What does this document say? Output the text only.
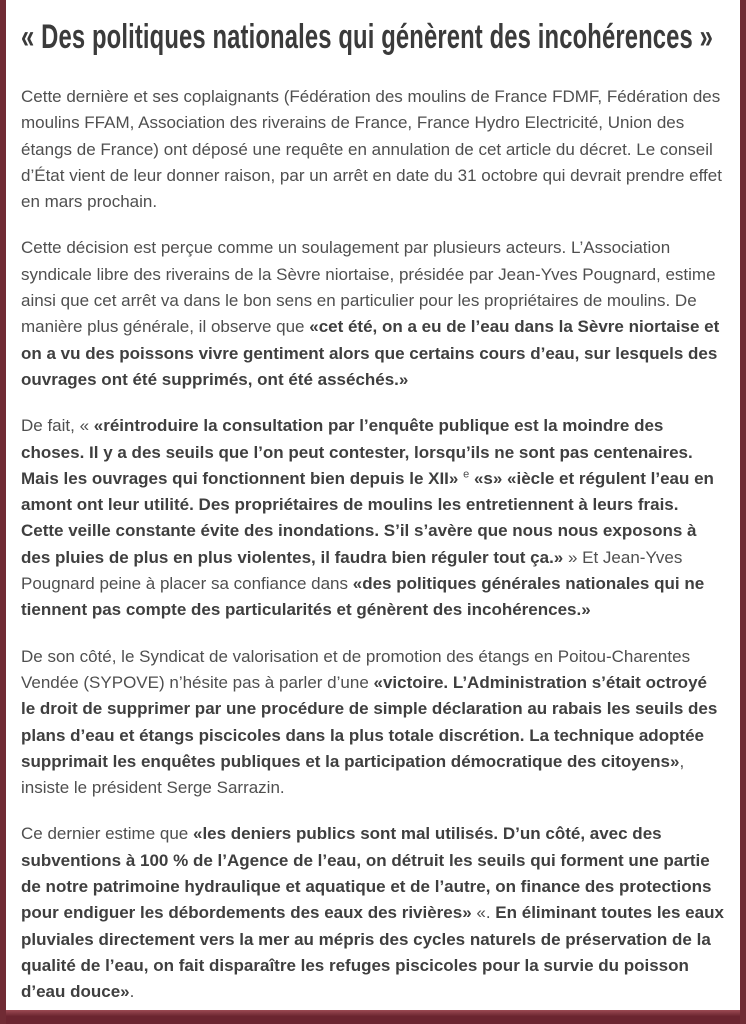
« Des politiques nationales qui génèrent des incohérences »

Cette dernière et ses coplaignants (Fédération des moulins de France FDMF, Fédération des moulins FFAM, Association des riverains de France, France Hydro Electricité, Union des étangs de France) ont déposé une requête en annulation de cet article du décret. Le conseil d’État vient de leur donner raison, par un arrêt en date du 31 octobre qui devrait prendre effet en mars prochain.

Cette décision est perçue comme un soulagement par plusieurs acteurs. L’Association syndicale libre des riverains de la Sèvre niortaise, présidée par Jean-Yves Pougnard, estime ainsi que cet arrêt va dans le bon sens en particulier pour les propriétaires de moulins. De manière plus générale, il observe que «cet été, on a eu de l’eau dans la Sèvre niortaise et on a vu des poissons vivre gentiment alors que certains cours d’eau, sur lesquels des ouvrages ont été supprimés, ont été asséchés.»

De fait, « «réintroduire la consultation par l’enquête publique est la moindre des choses. Il y a des seuils que l’on peut contester, lorsqu’ils ne sont pas centenaires. Mais les ouvrages qui fonctionnent bien depuis le XII» $^e$ «s» «iècle et régulent l’eau en amont ont leur utilité. Des propriétaires de moulins les entretiennent à leurs frais. Cette veille constante évite des inondations. S’il s’avère que nous nous exposons à des pluies de plus en plus violentes, il faudra bien réguler tout ça.» » Et Jean-Yves Pougnard peine à placer sa confiance dans «des politiques générales nationales qui ne tiennent pas compte des particularités et génèrent des incohérences.»

De son côté, le Syndicat de valorisation et de promotion des étangs en Poitou-Charentes Vendée (SYPOVE) n’hésite pas à parler d’une «victoire. L’Administration s’était octroyé le droit de supprimer par une procédure de simple déclaration au rabais les seuils des plans d’eau et étangs piscicoles dans la plus totale discrétion. La technique adoptée supprimait les enquêtes publiques et la participation démocratique des citoyens», insiste le président Serge Sarrazin.

Ce dernier estime que «les deniers publics sont mal utilisés. D’un côté, avec des subventions à 100 % de l’Agence de l’eau, on détruit les seuils qui forment une partie de notre patrimoine hydraulique et aquatique et de l’autre, on finance des protections pour endiguer les débordements des eaux des rivières» «. En éliminant toutes les eaux pluviales directement vers la mer au mépris des cycles naturels de préservation de la qualité de l’eau, on fait disparaître les refuges piscicoles pour la survie du poisson d’eau douce».
